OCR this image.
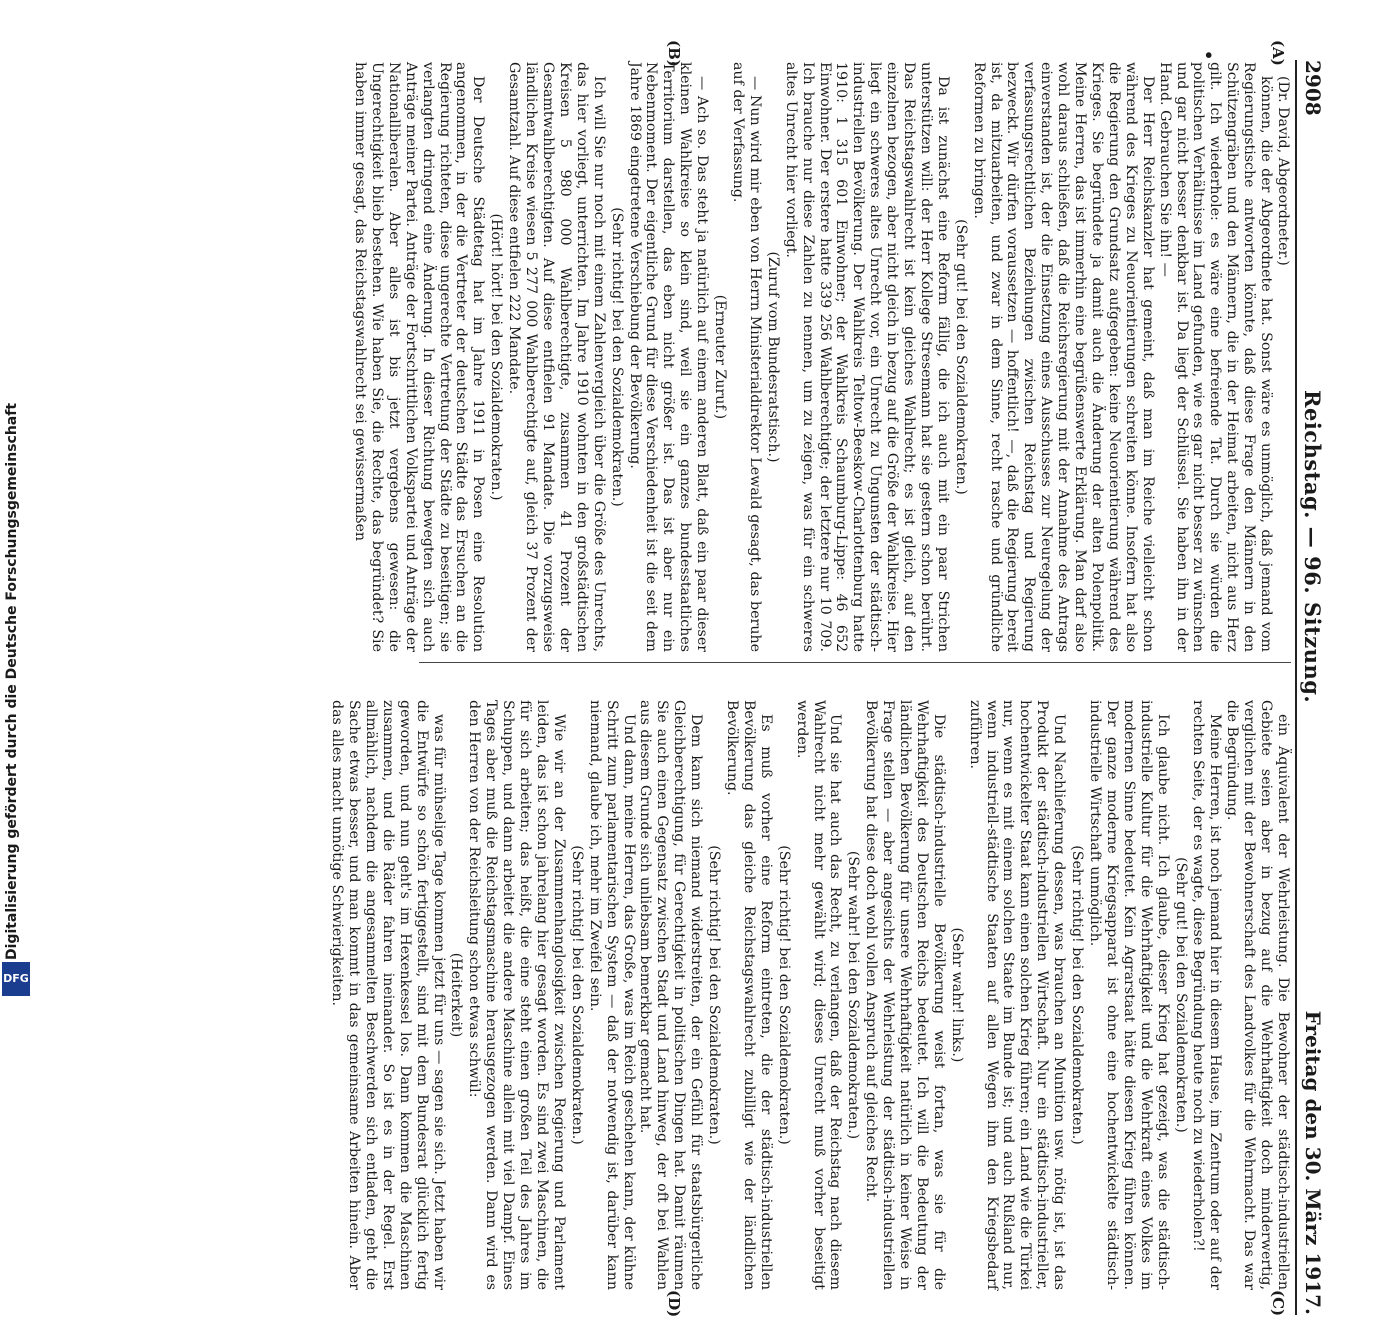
2908
Reichstag. — 96. Sitzung.
Freitag den 30. März 1917.
(A)
(B)
(C)
(D)
•

(Dr. David, Abgeordneter.)

können, die der Abgeordnete hat. Sonst wäre es unmöglich, daß jemand vom Regierungstische antworten könnte, daß diese Frage den Männern in den Schützengräben und den Männern, die in der Heimat arbeiten, nicht aus Herz gilt. Ich wiederhole: es wäre eine befreiende Tat. Durch sie würden die politischen Verhältnisse im Land gefunden, wie es gar nicht besser zu wünschen und gar nicht besser denkbar ist. Da liegt der Schlüssel. Sie haben ihn in der Hand. Gebrauchen Sie ihn! —

Der Herr Reichskanzler hat gemeint, daß man im Reiche vielleicht schon während des Krieges zu Neuorientierungen schreiten könne. Insofern hat also die Regierung den Grundsatz aufgegeben: keine Neuorientierung während des Krieges. Sie begründete ja damit auch die Änderung der alten Polenpolitik. Meine Herren, das ist immerhin eine begrüßenswerte Erklärung. Man darf also wohl daraus schließen, daß die Reichsregierung mit der Annahme des Antrags einverstanden ist, der die Einsetzung eines Ausschusses zur Neuregelung der verfassungsrechtlichen Beziehungen zwischen Reichstag und Regierung bezweckt. Wir dürfen voraussetzen — hoffentlich! —, daß die Regierung bereit ist, da mitzuarbeiten, und zwar in dem Sinne, recht rasche und gründliche Reformen zu bringen.

(Sehr gut! bei den Sozialdemokraten.)

Da ist zunächst eine Reform fällig, die ich auch mit ein paar Strichen unterstützen will: der Herr Kollege Stresemann hat sie gestern schon berührt. Das Reichstagswahlrecht ist kein gleiches Wahlrecht; es ist gleich, auf den einzelnen bezogen, aber nicht gleich in bezug auf die Größe der Wahlkreise. Hier liegt ein schweres altes Unrecht vor, ein Unrecht zu Ungunsten der städtisch-industriellen Bevölkerung. Der Wahlkreis Teltow-Beeskow-Charlottenburg hatte 1910: 1 315 601 Einwohner; der Wahlkreis Schaumburg-Lippe: 46 652 Einwohner. Der erstere hatte 339 256 Wahlberechtigte; der letztere nur 10 709. Ich brauche nur diese Zahlen zu nennen, um zu zeigen, was für ein schweres altes Unrecht hier vorliegt.

(Zuruf vom Bundesratstisch.)

— Nun wird mir eben von Herrn Ministerialdirektor Lewald gesagt, das beruhe auf der Verfassung.

(Erneuter Zuruf.)

— Ach so. Das steht ja natürlich auf einem anderen Blatt, daß ein paar dieser kleinen Wahlkreise so klein sind, weil sie ein ganzes bundesstaatliches Territorium darstellen, das eben nicht größer ist. Das ist aber nur ein Nebenmoment. Der eigentliche Grund für diese Verschiedenheit ist die seit dem Jahre 1869 eingetretene Verschiebung der Bevölkerung.

(Sehr richtig! bei den Sozialdemokraten.)

Ich will Sie nur noch mit einem Zahlenvergleich über die Größe des Unrechts, das hier vorliegt, unterrichten. Im Jahre 1910 wohnten in den großstädtischen Kreisen 5 980 000 Wahlberechtigte, zusammen 41 Prozent der Gesamtwahlberechtigten. Auf diese entfielen 91 Mandate. Die vorzugsweise ländlichen Kreise wiesen 5 277 000 Wahlberechtigte auf, gleich 37 Prozent der Gesamtzahl. Auf diese entfielen 222 Mandate.

(Hört! hört! bei den Sozialdemokraten.)

Der Deutsche Städtetag hat im Jahre 1911 in Posen eine Resolution angenommen, in der die Vertreter der deutschen Städte das Ersuchen an die Regierung richteten, diese ungerechte Vertretung der Städte zu beseitigen; sie verlangten dringend eine Änderung. In dieser Richtung bewegten sich auch Anträge meiner Partei. Anträge der Fortschrittlichen Volkspartei und Anträge der Nationalliberalen. Aber alles ist bis jetzt vergebens gewesen: die Ungerechtigkeit blieb bestehen. Wie haben Sie, die Rechte, das begründet? Sie haben immer gesagt, das Reichstagswahlrecht sei gewissermaßen

ein Äquivalent der Wehrleistung. Die Bewohner der städtisch-industriellen Gebiete seien aber in bezug auf die Wehrhaftigkeit doch minderwertig, verglichen mit der Bewohnerschaft des Landvolkes für die Wehrmacht. Das war die Begründung.

Meine Herren, ist noch jemand hier in diesem Hause, im Zentrum oder auf der rechten Seite, der es wagte, diese Begründung heute noch zu wiederholen?!

(Sehr gut! bei den Sozialdemokraten.)

Ich glaube nicht. Ich glaube, dieser Krieg hat gezeigt, was die städtisch-industrielle Kultur für die Wehrhaftigkeit und die Wehrkraft eines Volkes im modernen Sinne bedeutet. Kein Agrarstaat hätte diesen Krieg führen können. Der ganze moderne Kriegsapparat ist ohne eine hochentwickelte städtisch-industrielle Wirtschaft unmöglich.

(Sehr richtig! bei den Sozialdemokraten.)

Und Nachlieferung dessen, was brauchen an Munition usw. nötig ist, ist das Produkt der städtisch-industriellen Wirtschaft. Nur ein städtisch-industrieller, hochentwickelter Staat kann einen solchen Krieg führen; ein Land wie die Türkei nur, wenn es mit einem solchen Staate im Bunde ist; und auch Rußland nur, wenn industriell-städtische Staaten auf allen Wegen ihm den Kriegsbedarf zuführen.

(Sehr wahr! links.)

Die städtisch-industrielle Bevölkerung weist fortan, was sie für die Wehrhaftigkeit des Deutschen Reichs bedeutet. Ich will die Bedeutung der ländlichen Bevölkerung für unsere Wehrhaftigkeit natürlich in keiner Weise in Frage stellen — aber angesichts der Wehrleistung der städtisch-industriellen Bevölkerung hat diese doch wohl vollen Anspruch auf gleiches Recht.

(Sehr wahr! bei den Sozialdemokraten.)

Und sie hat auch das Recht, zu verlangen, daß der Reichstag nach diesem Wahlrecht nicht mehr gewählt wird; dieses Unrecht muß vorher beseitigt werden.

(Sehr richtig! bei den Sozialdemokraten.)

Es muß vorher eine Reform eintreten, die der städtisch-industriellen Bevölkerung das gleiche Reichstagswahlrecht zubilligt wie der ländlichen Bevölkerung.

(Sehr richtig! bei den Sozialdemokraten.)

Dem kann sich niemand widerstreiten, der ein Gefühl für staatsbürgerliche Gleichberechtigung, für Gerechtigkeit in politischen Dingen hat. Damit räumen Sie auch einen Gegensatz zwischen Stadt und Land hinweg, der oft bei Wahlen aus diesem Grunde sich unliebsam bemerkbar gemacht hat.

Und dann, meine Herren, das Große, was im Reich geschehen kann, der kühne Schritt zum parlamentarischen System — daß der notwendig ist, darüber kann niemand, glaube ich, mehr im Zweifel sein.

(Sehr richtig! bei den Sozialdemokraten.)

Wie wir an der Zusammenhanglosigkeit zwischen Regierung und Parlament leiden, das ist schon jahrelang hier gesagt worden. Es sind zwei Maschinen, die für sich arbeiten; das heißt, die eine steht einen großen Teil des Jahres im Schuppen, und dann arbeitet die andere Maschine allein mit viel Dampf. Eines Tages aber muß die Reichstagsmaschine herausgezogen werden. Dann wird es den Herren von der Reichsleitung schon etwas schwül:

(Heiterkeit)

was für mühselige Tage kommen jetzt für uns — sagen sie sich. Jetzt haben wir die Entwürfe so schön fertiggestellt, sind mit dem Bundesrat glücklich fertig geworden, und nun geht's im Hexenkessel los. Dann kommen die Maschinen zusammen, und die Räder fahren ineinander. So ist es in der Regel. Erst allmählich, nachdem die angesammelten Beschwerden sich entladen, geht die Sache etwas besser, und man kommt in das gemeinsame Arbeiten hinein. Aber das alles macht unnötige Schwierigkeiten.

Digitalisierung gefördert durch die Deutsche Forschungsgemeinschaft
DFG
